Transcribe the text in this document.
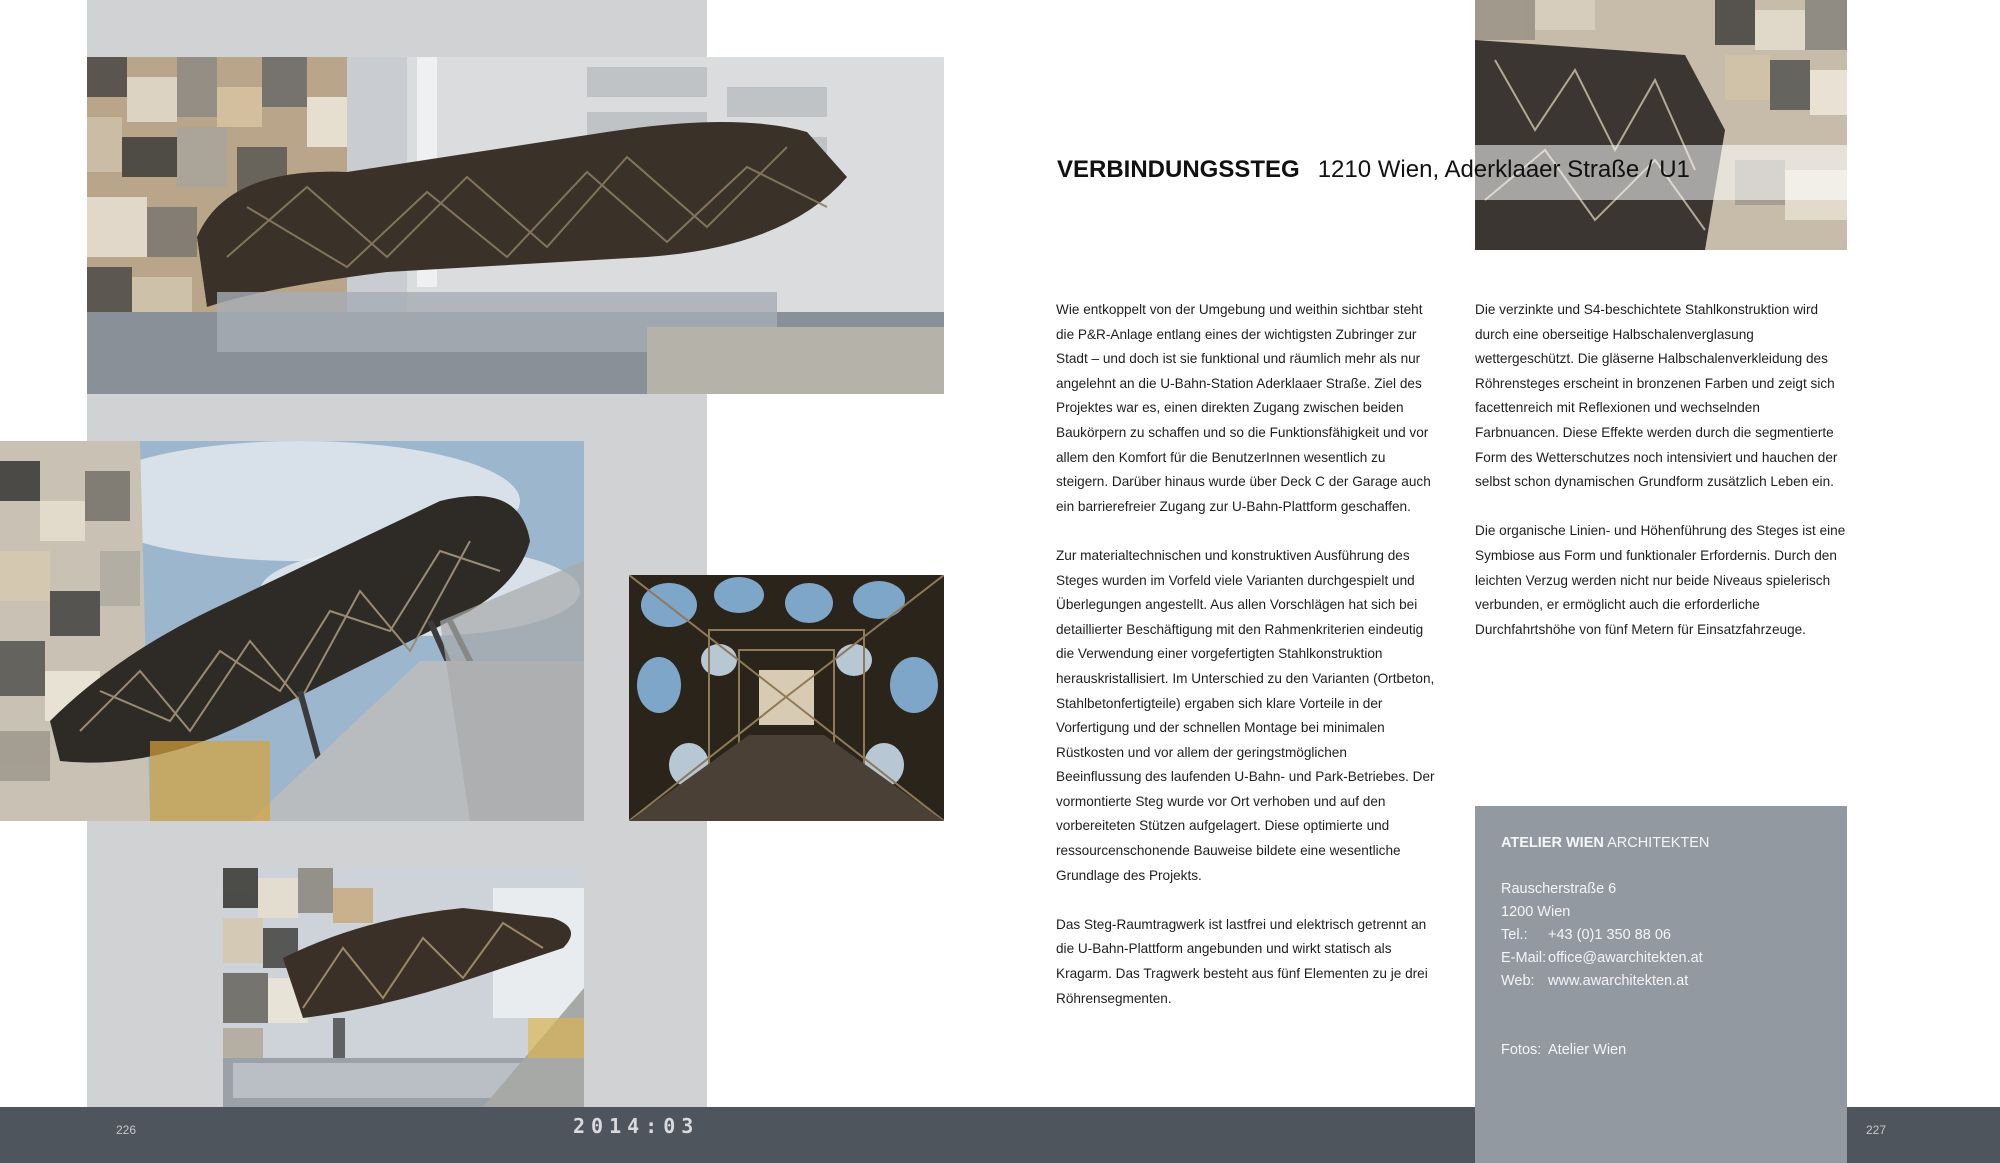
226	2014:03	227
VERBINDUNGSSTEG 1210 Wien, Aderklaaer Straße / U1

Wie entkoppelt von der Umgebung und weithin sichtbar steht die P&R-Anlage entlang eines der wichtigsten Zubringer zur Stadt – und doch ist sie funktional und räumlich mehr als nur angelehnt an die U-Bahn-Station Aderklaaer Straße. Ziel des Projektes war es, einen direkten Zugang zwischen beiden Baukörpern zu schaffen und so die Funktionsfähigkeit und vor allem den Komfort für die BenutzerInnen wesentlich zu steigern. Darüber hinaus wurde über Deck C der Garage auch ein barrierefreier Zugang zur U-Bahn-Plattform geschaffen.

Zur materialtechnischen und konstruktiven Ausführung des Steges wurden im Vorfeld viele Varianten durchgespielt und Überlegungen angestellt. Aus allen Vorschlägen hat sich bei detaillierter Beschäftigung mit den Rahmenkriterien eindeutig die Verwendung einer vorgefertigten Stahlkonstruktion herauskristallisiert. Im Unterschied zu den Varianten (Ortbeton, Stahlbetonfertigteile) ergaben sich klare Vorteile in der Vorfertigung und der schnellen Montage bei minimalen Rüstkosten und vor allem der geringstmöglichen Beeinflussung des laufenden U-Bahn- und Park-Betriebes. Der vormontierte Steg wurde vor Ort verhoben und auf den vorbereiteten Stützen aufgelagert. Diese optimierte und ressourcenschonende Bauweise bildete eine wesentliche Grundlage des Projekts.

Das Steg-Raumtragwerk ist lastfrei und elektrisch getrennt an die U-Bahn-Plattform angebunden und wirkt statisch als Kragarm. Das Tragwerk besteht aus fünf Elementen zu je drei Röhrensegmenten.

Die verzinkte und S4-beschichtete Stahlkonstruktion wird durch eine oberseitige Halbschalenverglasung wettergeschützt. Die gläserne Halbschalenverkleidung des Röhrensteges erscheint in bronzenen Farben und zeigt sich facettenreich mit Reflexionen und wechselnden Farbnuancen. Diese Effekte werden durch die segmentierte Form des Wetterschutzes noch intensiviert und hauchen der selbst schon dynamischen Grundform zusätzlich Leben ein.

Die organische Linien- und Höhenführung des Steges ist eine Symbiose aus Form und funktionaler Erfordernis. Durch den leichten Verzug werden nicht nur beide Niveaus spielerisch verbunden, er ermöglicht auch die erforderliche Durchfahrtshöhe von fünf Metern für Einsatzfahrzeuge.

ATELIER WIEN ARCHITEKTEN
Rauscherstraße 6
1200 Wien
Tel.: +43 (0)1 350 88 06
E-Mail: office@awarchitekten.at
Web: www.awarchitekten.at
Fotos: Atelier Wien
